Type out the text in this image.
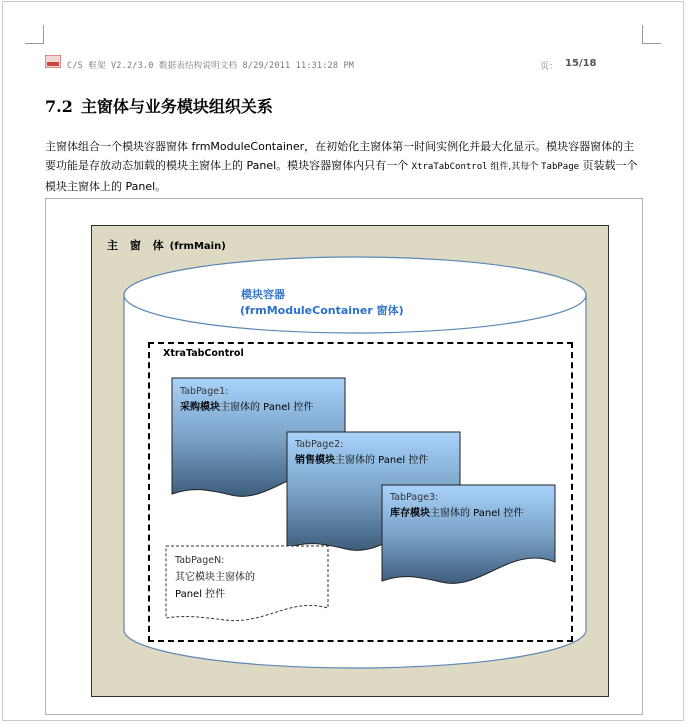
C/S 框架 V2.2/3.0 数据表结构说明文档 8/29/2011 11:31:28 PM	页： 15/18
7.2 主窗体与业务模块组织关系
主窗体组合一个模块容器窗体 frmModuleContainer，在初始化主窗体第一时间实例化并最大化显示。模块容器窗体的主要功能是存放动态加载的模块主窗体上的 Panel。模块容器窗体内只有一个 XtraTabControl 组件,其每个 TabPage 页装载一个模块主窗体上的 Panel。
主 窗 体 (frmMain)
模块容器
(frmModuleContainer 窗体)
XtraTabControl
TabPage1:
采购模块主窗体的 Panel 控件
TabPage2:
销售模块主窗体的 Panel 控件
TabPage3:
库存模块主窗体的 Panel 控件
TabPageN:
其它模块主窗体的
Panel 控件
